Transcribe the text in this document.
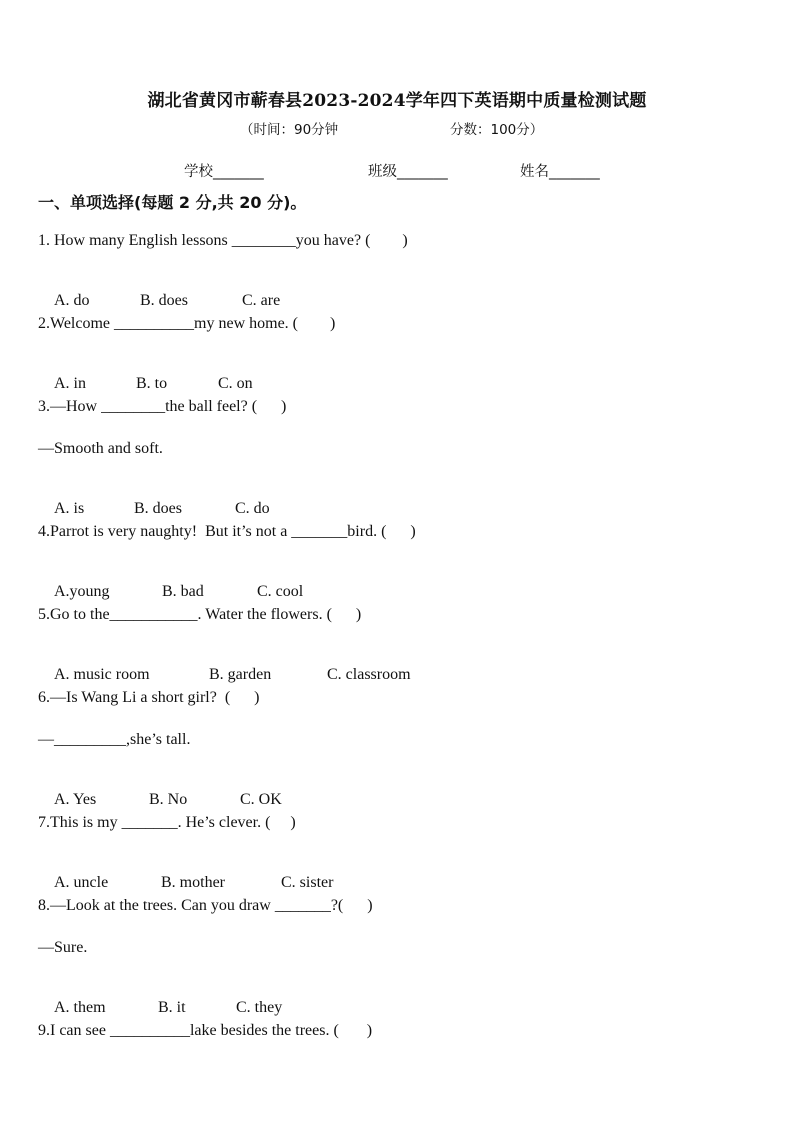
湖北省黄冈市蕲春县2023-2024学年四下英语期中质量检测试题
（时间：90分钟	分数：100分）
学校_______	班级_______	姓名_______
一、单项选择(每题 2 分,共 20 分)。
1. How many English lessons ________you have? (        )

A. do	B. does	C. are

2.Welcome __________my new home. (        )

A. in	B. to	C. on

3.—How ________the ball feel? (      )
—Smooth and soft.

A. is	B. does	C. do

4.Parrot is very naughty!  But it’s not a _______bird. (      )

A.young	B. bad	C. cool

5.Go to the___________. Water the flowers. (      )

A. music room	B. garden	C. classroom

6.—Is Wang Li a short girl?  (      )
—_________,she’s tall.

A. Yes	B. No	C. OK

7.This is my _______. He’s clever. (     )

A. uncle	B. mother	C. sister

8.—Look at the trees. Can you draw _______?(      )
—Sure.

A. them	B. it	C. they

9.I can see __________lake besides the trees. (       )
